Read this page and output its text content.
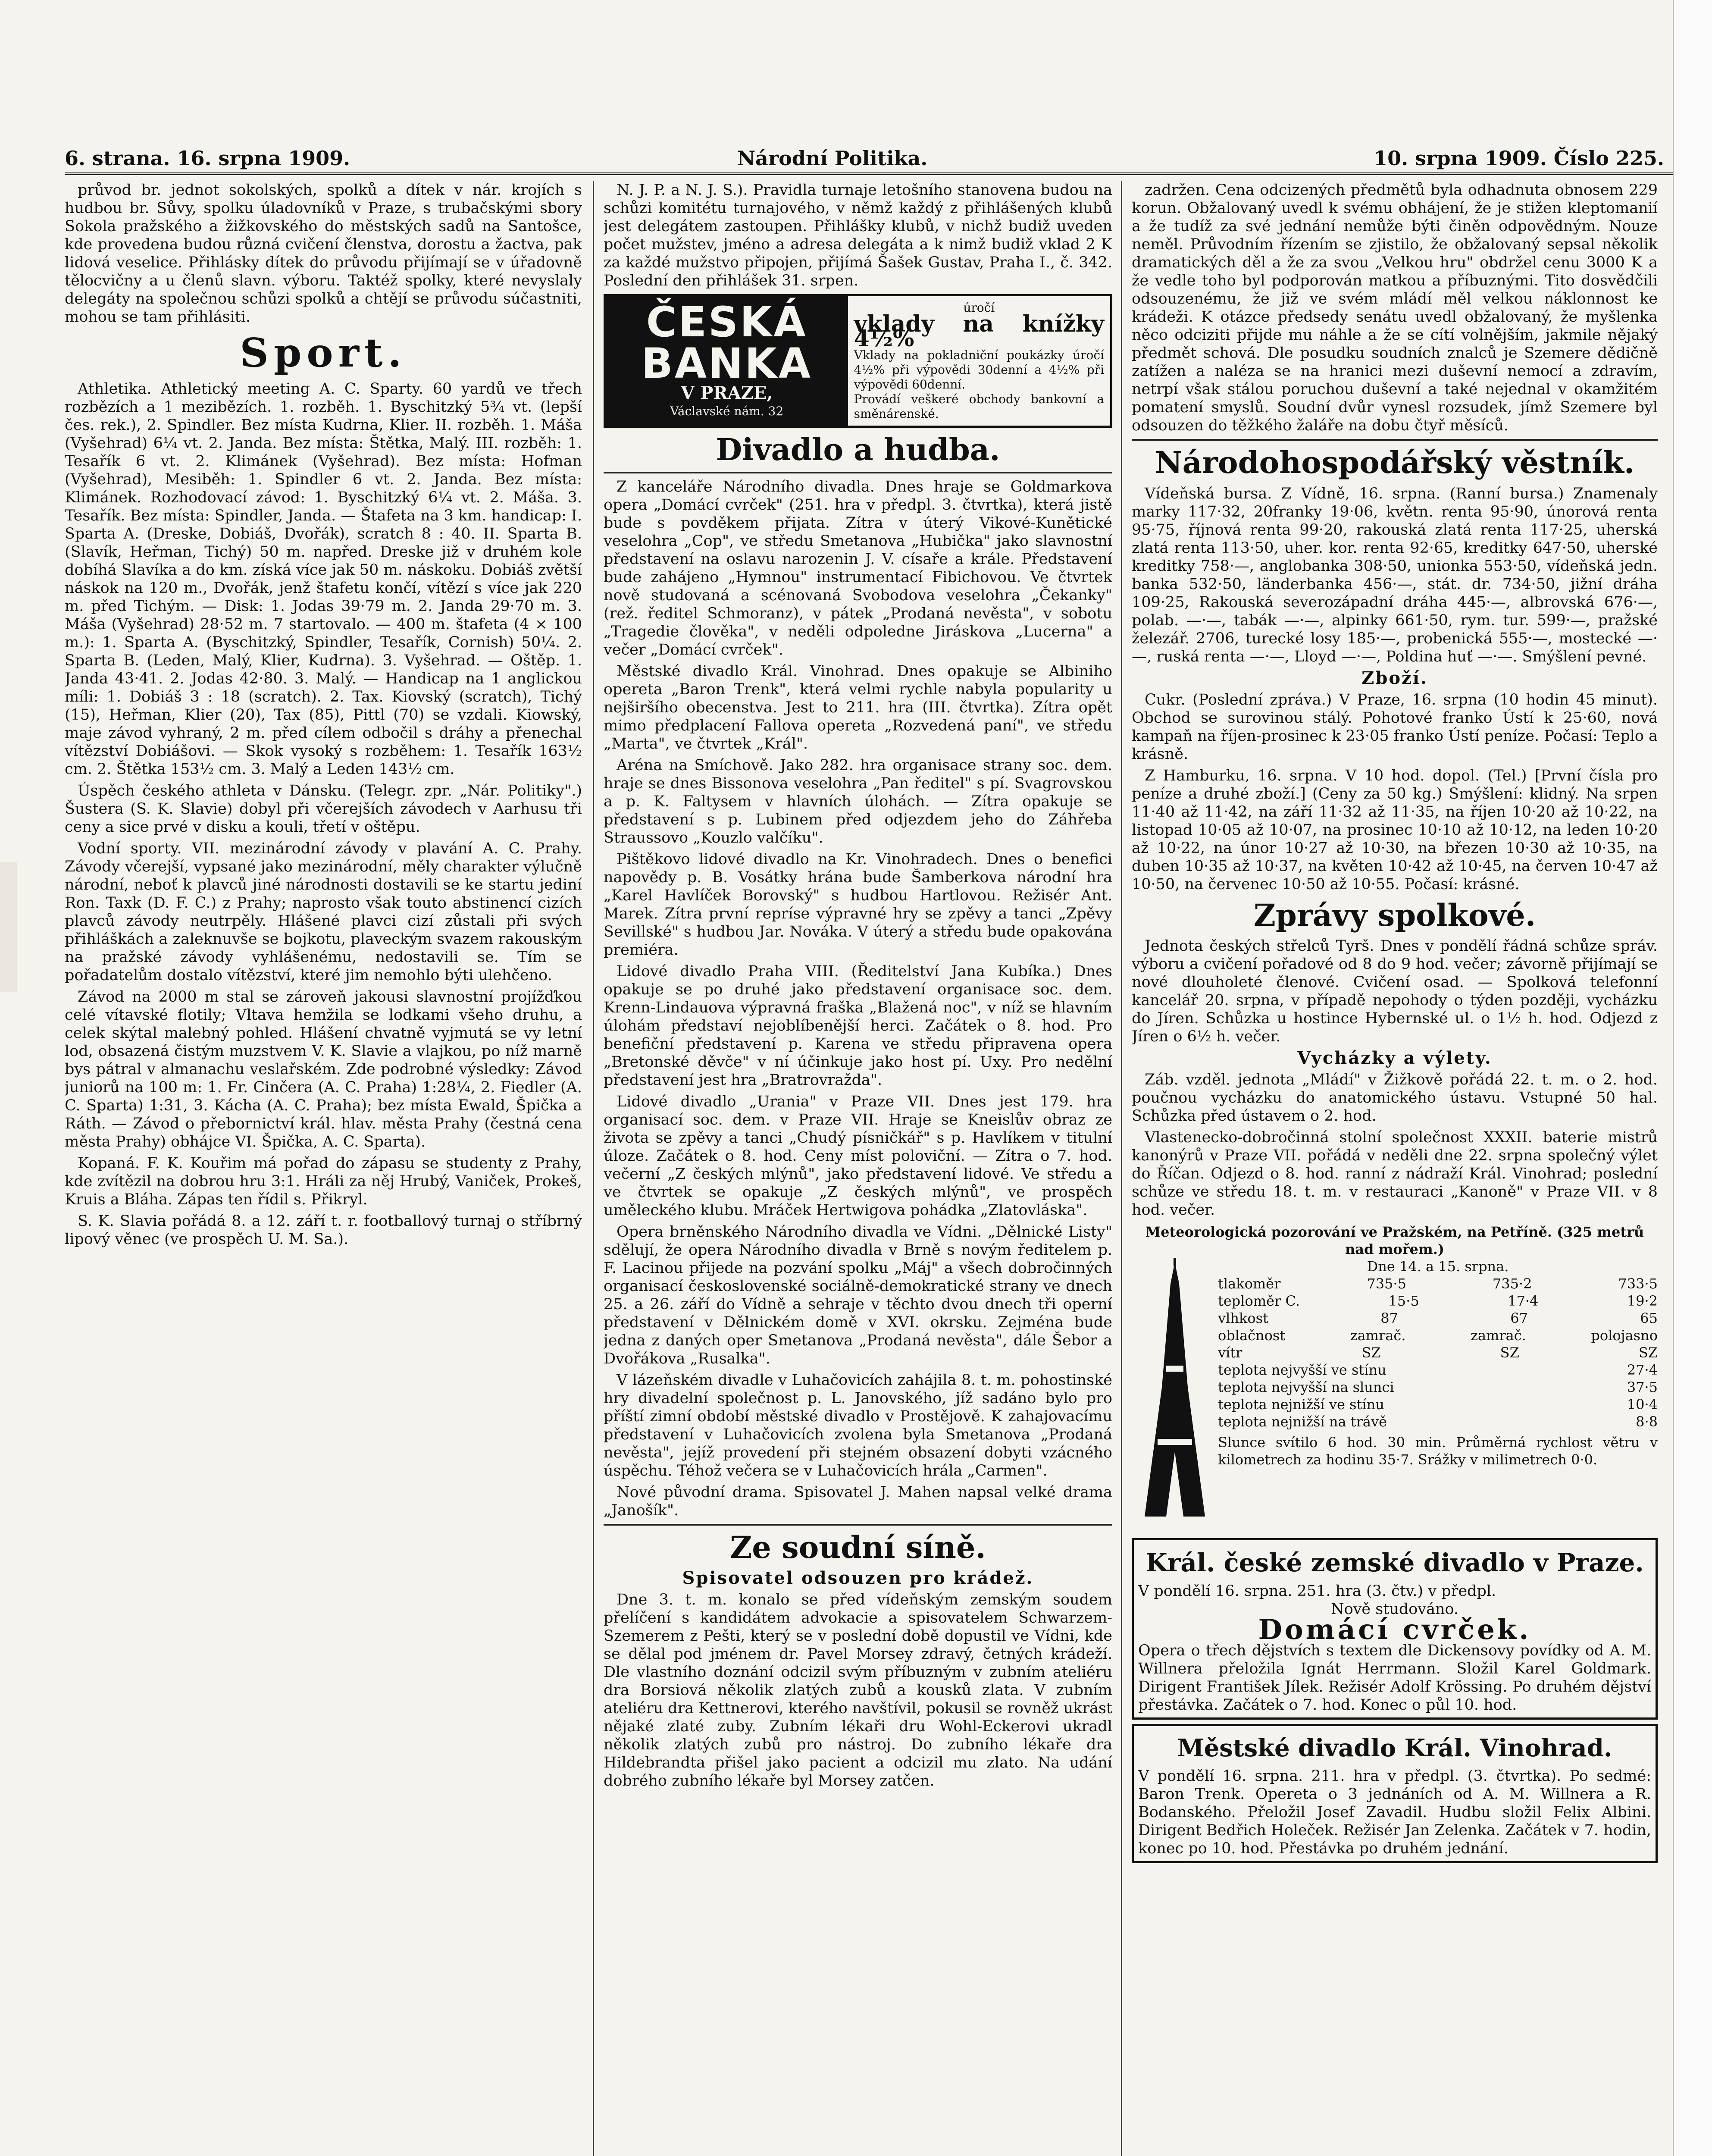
6. strana. 16. srpna 1909.	Národní Politika.	10. srpna 1909. Číslo 225.

průvod br. jednot sokolských, spolků a dítek v nár. krojích s hudbou br. Sůvy, spolku úladovníků v Praze, s trubačskými sbory Sokola pražského a žižkovského do městských sadů na Santošce, kde provedena budou různá cvičení členstva, dorostu a žactva, pak lidová veselice. Přihlásky dítek do průvodu přijímají se v úřadovně tělocvičny a u členů slavn. výboru. Taktéž spolky, které nevyslaly delegáty na společnou schůzi spolků a chtějí se průvodu súčastniti, mohou se tam přihlásiti.

Sport.

Athletika. Athletický meeting A. C. Sparty. 60 yardů ve třech rozbězích a 1 mezibězích. 1. rozběh. 1. Byschitzký 5¾ vt. (lepší čes. rek.), 2. Spindler. Bez místa Kudrna, Klier. II. rozběh. 1. Máša (Vyšehrad) 6¼ vt. 2. Janda. Bez místa: Štětka, Malý. III. rozběh: 1. Tesařík 6 vt. 2. Klimánek (Vyšehrad). Bez místa: Hofman (Vyšehrad), Mesiběh: 1. Spindler 6 vt. 2. Janda. Bez místa: Klimánek. Rozhodovací závod: 1. Byschitzký 6¼ vt. 2. Máša. 3. Tesařík. Bez místa: Spindler, Janda. — Štafeta na 3 km. handicap: I. Sparta A. (Dreske, Dobiáš, Dvořák), scratch 8 : 40. II. Sparta B. (Slavík, Heřman, Tichý) 50 m. napřed. Dreske již v druhém kole dobíhá Slavíka a do km. získá více jak 50 m. náskoku. Dobiáš zvětší náskok na 120 m., Dvořák, jenž štafetu končí, vítězí s více jak 220 m. před Tichým. — Disk: 1. Jodas 39·79 m. 2. Janda 29·70 m. 3. Máša (Vyšehrad) 28·52 m. 7 startovalo. — 400 m. štafeta (4 × 100 m.): 1. Sparta A. (Byschitzký, Spindler, Tesařík, Cornish) 50¼. 2. Sparta B. (Leden, Malý, Klier, Kudrna). 3. Vyšehrad. — Oštěp. 1. Janda 43·41. 2. Jodas 42·80. 3. Malý. — Handicap na 1 anglickou míli: 1. Dobiáš 3 : 18 (scratch). 2. Tax. Kiovský (scratch), Tichý (15), Heřman, Klier (20), Tax (85), Pittl (70) se vzdali. Kiowský, maje závod vyhraný, 2 m. před cílem odbočil s dráhy a přenechal vítězství Dobiášovi. — Skok vysoký s rozběhem: 1. Tesařík 163½ cm. 2. Štětka 153½ cm. 3. Malý a Leden 143½ cm.

Úspěch českého athleta v Dánsku. (Telegr. zpr. „Nár. Politiky".) Šustera (S. K. Slavie) dobyl při včerejších závodech v Aarhusu tři ceny a sice prvé v disku a kouli, třetí v oštěpu.

Vodní sporty. VII. mezinárodní závody v plavání A. C. Prahy. Závody včerejší, vypsané jako mezinárodní, měly charakter výlučně národní, neboť k plavců jiné národnosti dostavili se ke startu jediní Ron. Taxk (D. F. C.) z Prahy; naprosto však touto abstinencí cizích plavců závody neutrpěly. Hlášené plavci cizí zůstali při svých přihláškách a zaleknuvše se bojkotu, plaveckým svazem rakouským na pražské závody vyhlášenému, nedostavili se. Tím se pořadatelům dostalo vítězství, které jim nemohlo býti ulehčeno.

Závod na 2000 m stal se zároveň jakousi slavnostní projížďkou celé vítavské flotily; Vltava hemžila se lodkami všeho druhu, a celek skýtal malebný pohled. Hlášení chvatně vyjmutá se vy letní lod, obsazená čistým muzstvem V. K. Slavie a vlajkou, po níž marně bys pátral v almanachu veslařském. Zde podrobné výsledky: Závod juniorů na 100 m: 1. Fr. Cinčera (A. C. Praha) 1:28¼, 2. Fiedler (A. C. Sparta) 1:31, 3. Kácha (A. C. Praha); bez místa Ewald, Špička a Ráth. — Závod o přebornictví král. hlav. města Prahy (čestná cena města Prahy) obhájce VI. Špička, A. C. Sparta).

Kopaná. F. K. Kouřim má pořad do zápasu se studenty z Prahy, kde zvítězil na dobrou hru 3:1. Hráli za něj Hrubý, Vaniček, Prokeš, Kruis a Bláha. Zápas ten řídil s. Přikryl.

S. K. Slavia pořádá 8. a 12. září t. r. footballový turnaj o stříbrný lipový věnec (ve prospěch U. M. Sa.).

N. J. P. a N. J. S.). Pravidla turnaje letošního stanovena budou na schůzi komitétu turnajového, v němž každý z přihlášených klubů jest delegátem zastoupen. Přihlášky klubů, v nichž budiž uveden počet mužstev, jméno a adresa delegáta a k nimž budiž vklad 2 K za každé mužstvo připojen, přijímá Šašek Gustav, Praha I., č. 342. Poslední den přihlášek 31. srpen.

ČESKÁ
BANKA
V PRAZE,
Václavské nám. 32
úročí
vklady na knížky 4½%
Vklady na pokladniční poukázky úročí 4½% při výpovědi 30denní a 4½% při výpovědi 60denní.
Provádí veškeré obchody bankovní a směnárenské.
Divadlo a hudba.

Z kanceláře Národního divadla. Dnes hraje se Goldmarkova opera „Domácí cvrček" (251. hra v předpl. 3. čtvrtka), která jistě bude s povděkem přijata. Zítra v úterý Vikové-Kunětické veselohra „Cop", ve středu Smetanova „Hubička" jako slavnostní představení na oslavu narozenin J. V. císaře a krále. Představení bude zahájeno „Hymnou" instrumentací Fibichovou. Ve čtvrtek nově studovaná a scénovaná Svobodova veselohra „Čekanky" (rež. ředitel Schmoranz), v pátek „Prodaná nevěsta", v sobotu „Tragedie člověka", v neděli odpoledne Jiráskova „Lucerna" a večer „Domácí cvrček".

Městské divadlo Král. Vinohrad. Dnes opakuje se Albiniho opereta „Baron Trenk", která velmi rychle nabyla popularity u nejširšího obecenstva. Jest to 211. hra (III. čtvrtka). Zítra opět mimo předplacení Fallova opereta „Rozvedená paní", ve středu „Marta", ve čtvrtek „Král".

Aréna na Smíchově. Jako 282. hra organisace strany soc. dem. hraje se dnes Bissonova veselohra „Pan ředitel" s pí. Svagrovskou a p. K. Faltysem v hlavních úlohách. — Zítra opakuje se představení s p. Lubinem před odjezdem jeho do Záhřeba Straussovo „Kouzlo valčíku".

Pištěkovo lidové divadlo na Kr. Vinohradech. Dnes o benefici napovědy p. B. Vosátky hrána bude Šamberkova národní hra „Karel Havlíček Borovský" s hudbou Hartlovou. Režisér Ant. Marek. Zítra první repríse výpravné hry se zpěvy a tanci „Zpěvy Sevillské" s hudbou Jar. Nováka. V úterý a středu bude opakována premiéra.

Lidové divadlo Praha VIII. (Ředitelství Jana Kubíka.) Dnes opakuje se po druhé jako představení organisace soc. dem. Krenn-Lindauova výpravná fraška „Blažená noc", v níž se hlavním úlohám představí nejoblíbenější herci. Začátek o 8. hod. Pro benefiční představení p. Karena ve středu připravena opera „Bretonské děvče" v ní účinkuje jako host pí. Uxy. Pro nedělní představení jest hra „Bratrovražda".

Lidové divadlo „Urania" v Praze VII. Dnes jest 179. hra organisací soc. dem. v Praze VII. Hraje se Kneislův obraz ze života se zpěvy a tanci „Chudý písničkář" s p. Havlíkem v titulní úloze. Začátek o 8. hod. Ceny míst poloviční. — Zítra o 7. hod. večerní „Z českých mlýnů", jako představení lidové. Ve středu a ve čtvrtek se opakuje „Z českých mlýnů", ve prospěch uměleckého klubu. Mráček Hertwigova pohádka „Zlatovláska".

Opera brněnského Národního divadla ve Vídni. „Dělnické Listy" sdělují, že opera Národního divadla v Brně s novým ředitelem p. F. Lacinou přijede na pozvání spolku „Máj" a všech dobročinných organisací československé sociálně-demokratické strany ve dnech 25. a 26. září do Vídně a sehraje v těchto dvou dnech tři operní představení v Dělnickém domě v XVI. okrsku. Zejména bude jedna z daných oper Smetanova „Prodaná nevěsta", dále Šebor a Dvořákova „Rusalka".

V lázeňském divadle v Luhačovicích zahájila 8. t. m. pohostinské hry divadelní společnost p. L. Janovského, jíž sadáno bylo pro příští zimní období městské divadlo v Prostějově. K zahajovacímu představení v Luhačovicích zvolena byla Smetanova „Prodaná nevěsta", jejíž provedení při stejném obsazení dobyti vzácného úspěchu. Téhož večera se v Luhačovicích hrála „Carmen".

Nové původní drama. Spisovatel J. Mahen napsal velké drama „Janošík".

Ze soudní síně.
Spisovatel odsouzen pro krádež.

Dne 3. t. m. konalo se před vídeňským zemským soudem přelíčení s kandidátem advokacie a spisovatelem Schwarzem-Szemerem z Pešti, který se v poslední době dopustil ve Vídni, kde se dělal pod jménem dr. Pavel Morsey zdravý, četných krádeží. Dle vlastního doznání odcizil svým příbuzným v zubním ateliéru dra Borsiová několik zlatých zubů a kousků zlata. V zubním ateliéru dra Kettnerovi, kterého navštívil, pokusil se rovněž ukrást nějaké zlaté zuby. Zubním lékaři dru Wohl-Eckerovi ukradl několik zlatých zubů pro nástroj. Do zubního lékaře dra Hildebrandta přišel jako pacient a odcizil mu zlato. Na udání dobrého zubního lékaře byl Morsey zatčen.

zadržen. Cena odcizených předmětů byla odhadnuta obnosem 229 korun. Obžalovaný uvedl k svému obhájení, že je stižen kleptomanií a že tudíž za své jednání nemůže býti činěn odpovědným. Nouze neměl. Průvodním řízením se zjistilo, že obžalovaný sepsal několik dramatických děl a že za svou „Velkou hru" obdržel cenu 3000 K a že vedle toho byl podporován matkou a příbuznými. Tito dosvědčili odsouzenému, že již ve svém mládí měl velkou náklonnost ke krádeži. K otázce předsedy senátu uvedl obžalovaný, že myšlenka něco odciziti přijde mu náhle a že se cítí volnějším, jakmile nějaký předmět schová. Dle posudku soudních znalců je Szemere dědičně zatížen a naléza se na hranici mezi duševní nemocí a zdravím, netrpí však stálou poruchou duševní a také nejednal v okamžitém pomatení smyslů. Soudní dvůr vynesl rozsudek, jímž Szemere byl odsouzen do těžkého žaláře na dobu čtyř měsíců.

Národohospodářský věstník.

Vídeňská bursa. Z Vídně, 16. srpna. (Ranní bursa.) Znamenaly marky 117·32, 20franky 19·06, květn. renta 95·90, únorová renta 95·75, říjnová renta 99·20, rakouská zlatá renta 117·25, uherská zlatá renta 113·50, uher. kor. renta 92·65, kreditky 647·50, uherské kreditky 758·—, anglobanka 308·50, unionka 553·50, vídeňská jedn. banka 532·50, länderbanka 456·—, stát. dr. 734·50, jižní dráha 109·25, Rakouská severozápadní dráha 445·—, albrovská 676·—, polab. —·—, tabák —·—, alpinky 661·50, rym. tur. 599·—, pražské železář. 2706, turecké losy 185·—, probenická 555·—, mostecké —·—, ruská renta —·—, Lloyd —·—, Poldina huť —·—. Smýšlení pevné.

Zboží.

Cukr. (Poslední zpráva.) V Praze, 16. srpna (10 hodin 45 minut). Obchod se surovinou stálý. Pohotové franko Ústí k 25·60, nová kampaň na říjen-prosinec k 23·05 franko Ústí peníze. Počasí: Teplo a krásně.

Z Hamburku, 16. srpna. V 10 hod. dopol. (Tel.) [První čísla pro peníze a druhé zboží.] (Ceny za 50 kg.) Smýšlení: klidný. Na srpen 11·40 až 11·42, na září 11·32 až 11·35, na říjen 10·20 až 10·22, na listopad 10·05 až 10·07, na prosinec 10·10 až 10·12, na leden 10·20 až 10·22, na únor 10·27 až 10·30, na březen 10·30 až 10·35, na duben 10·35 až 10·37, na květen 10·42 až 10·45, na červen 10·47 až 10·50, na červenec 10·50 až 10·55. Počasí: krásné.

Zprávy spolkové.

Jednota českých střelců Tyrš. Dnes v pondělí řádná schůze správ. výboru a cvičení pořadové od 8 do 9 hod. večer; závorně přijímají se nové dlouholeté členové. Cvičení osad. — Spolková telefonní kancelář 20. srpna, v případě nepohody o týden později, vycházku do Jíren. Schůzka u hostince Hybernské ul. o 1½ h. hod. Odjezd z Jíren o 6½ h. večer.

Vycházky a výlety.

Záb. vzděl. jednota „Mládí" v Žižkově pořádá 22. t. m. o 2. hod. poučnou vycházku do anatomického ústavu. Vstupné 50 hal. Schůzka před ústavem o 2. hod.

Vlastenecko-dobročinná stolní společnost XXXII. baterie mistrů kanonýrů v Praze VII. pořádá v neděli dne 22. srpna společný výlet do Říčan. Odjezd o 8. hod. ranní z nádraží Král. Vinohrad; poslední schůze ve středu 18. t. m. v restauraci „Kanoně" v Praze VII. v 8 hod. večer.

Meteorologická pozorování ve Pražském, na Petříně. (325 metrů nad mořem.)
Dne 14. a 15. srpna.
tlakoměr	735·5	735·2	733·5
teploměr C.	15·5	17·4	19·2
vlhkost	87	67	65
oblačnost	zamrač.	zamrač.	polojasno
vítr	SZ	SZ	SZ
teplota nejvyšší ve stínu	27·4
teplota nejvyšší na slunci	37·5
teplota nejnižší ve stínu	10·4
teplota nejnižší na trávě	8·8
Slunce svítilo 6 hod. 30 min. Průměrná rychlost větru v kilometrech za hodinu 35·7. Srážky v milimetrech 0·0.
Král. české zemské divadlo v Praze.
V pondělí 16. srpna. 251. hra (3. čtv.) v předpl.
Nově studováno.
Domácí cvrček.
Opera o třech dějstvích s textem dle Dickensovy povídky od A. M. Willnera přeložila Ignát Herrmann. Složil Karel Goldmark. Dirigent František Jílek. Režisér Adolf Krössing. Po druhém dějství přestávka. Začátek o 7. hod. Konec o půl 10. hod.
Městské divadlo Král. Vinohrad.
V pondělí 16. srpna. 211. hra v předpl. (3. čtvrtka). Po sedmé: Baron Trenk. Opereta o 3 jednáních od A. M. Willnera a R. Bodanského. Přeložil Josef Zavadil. Hudbu složil Felix Albini. Dirigent Bedřich Holeček. Režisér Jan Zelenka. Začátek v 7. hodin, konec po 10. hod. Přestávka po druhém jednání.
